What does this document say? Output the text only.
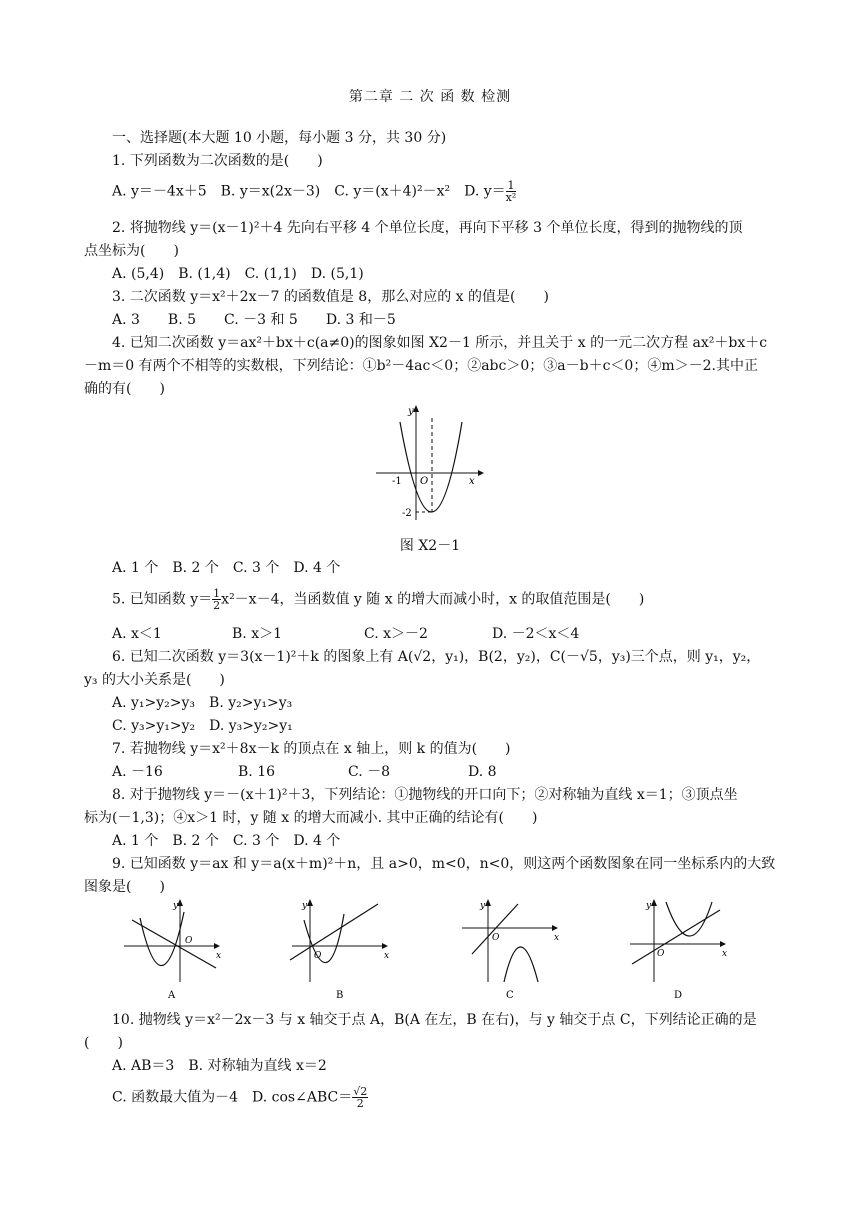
第二章 二 次 函 数 检测
一、选择题(本大题 10 小题，每小题 3 分，共 30 分)
1. 下列函数为二次函数的是(　　)
A. y＝－4x＋5　B. y＝x(2x－3)　C. y＝(x＋4)²－x²　D. $y= \frac{1}{\text{x²}}$
2. 将抛物线 y＝(x－1)²＋4 先向右平移 4 个单位长度，再向下平移 3 个单位长度，得到的抛物线的顶
点坐标为(　　)
A. (5,4)　B. (1,4)　C. (1,1)　D. (5,1)
3. 二次函数 y＝x²＋2x－7 的函数值是 8，那么对应的 x 的值是(　　)
A. 3　　B. 5　　C. －3 和 5　　D. 3 和－5
4. 已知二次函数 y＝ax²＋bx＋c(a≠0)的图象如图 X2－1 所示，并且关于 x 的一元二次方程 ax²＋bx＋c
－m＝0 有两个不相等的实数根，下列结论：①b²－4ac＜0；②abc＞0；③a－b＋c＜0；④m＞－2.其中正
确的有(　　)
y
x
O
-1
-2
图 X2－1
A. 1 个　B. 2 个　C. 3 个　D. 4 个
5. 已知函数 $y= \frac{1}{2} x^2-x-4$，当函数值 y 随 x 的增大而减小时，x 的取值范围是(　　)
A. x＜1	B. x＞1	C. x＞－2	D. －2＜x＜4
6. 已知二次函数 y＝3(x－1)²＋k 的图象上有 A(√2，y₁)，B(2，y₂)，C(－√5，y₃)三个点，则 y₁，y₂，
y₃ 的大小关系是(　　)
A. y₁>y₂>y₃　B. y₂>y₁>y₃
C. y₃>y₁>y₂　D. y₃>y₂>y₁
7. 若抛物线 y＝x²＋8x－k 的顶点在 x 轴上，则 k 的值为(　　)
A. －16	B. 16	C. －8	D. 8
8. 对于抛物线 y＝－(x＋1)²＋3，下列结论：①抛物线的开口向下；②对称轴为直线 x＝1；③顶点坐
标为(－1,3)；④x＞1 时，y 随 x 的增大而减小. 其中正确的结论有(　　)
A. 1 个　B. 2 个　C. 3 个　D. 4 个
9. 已知函数 y＝ax 和 y＝a(x＋m)²＋n，且 a>0，m<0，n<0，则这两个函数图象在同一坐标系内的大致
图象是(　　)
y
x
O
A
y
x
O
B
y
x
O
C
y
x
O
D
10. 抛物线 y＝x²－2x－3 与 x 轴交于点 A，B(A 在左，B 在右)，与 y 轴交于点 C，下列结论正确的是
(　　)
A. AB＝3　B. 对称轴为直线 x＝2
C. 函数最大值为－4　D. cos∠ABC＝ $\frac{√2}{2}$
